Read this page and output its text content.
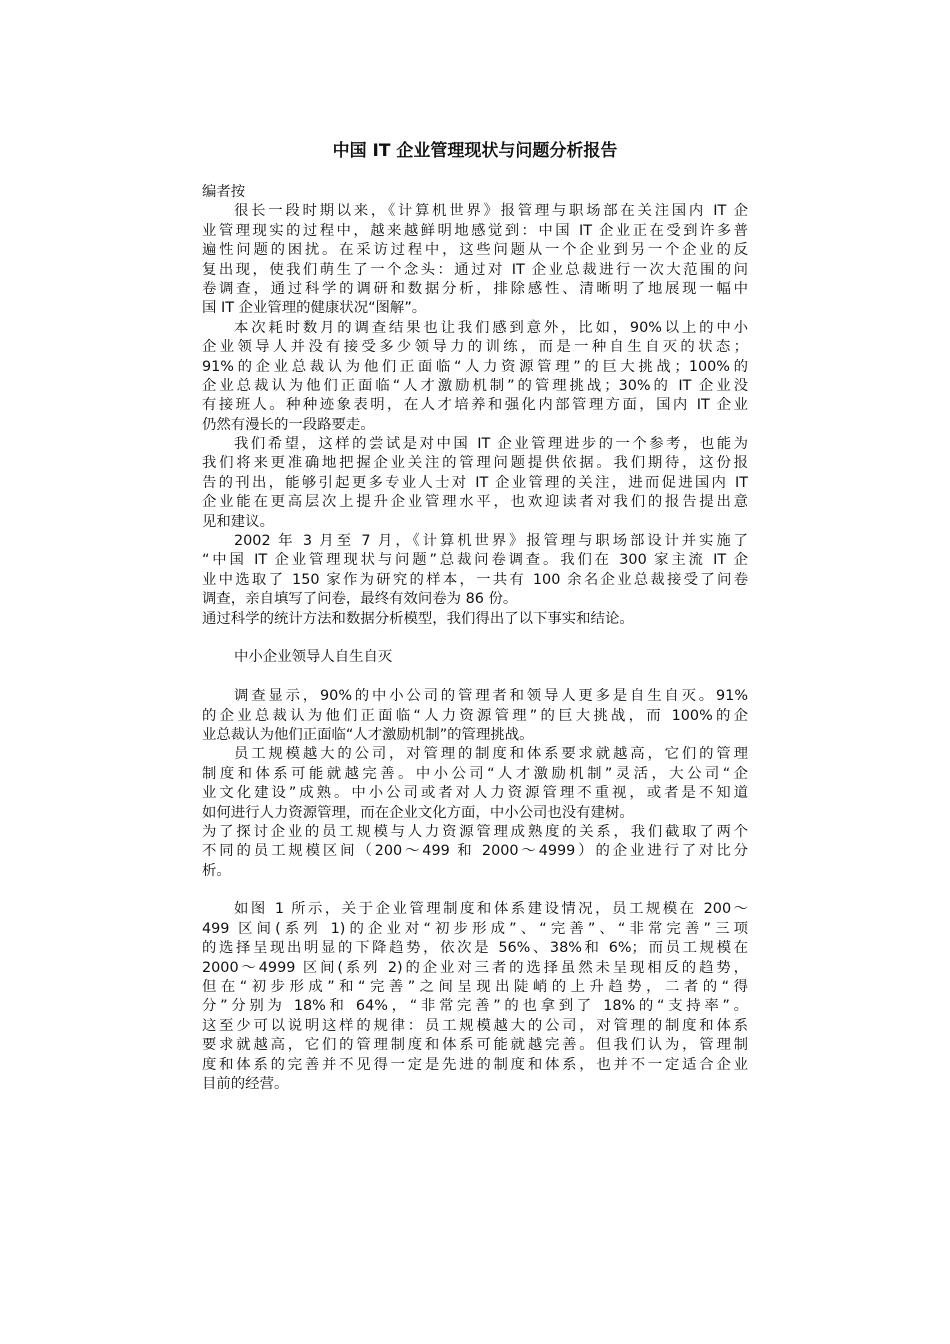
中国 IT 企业管理现状与问题分析报告
编者按
很长一段时期以来，《计算机世界》报管理与职场部在关注国内 IT 企
业管理现实的过程中，越来越鲜明地感觉到：中国 IT 企业正在受到许多普
遍性问题的困扰。在采访过程中，这些问题从一个企业到另一个企业的反
复出现，使我们萌生了一个念头：通过对 IT 企业总裁进行一次大范围的问
卷调查，通过科学的调研和数据分析，排除感性、清晰明了地展现一幅中
国 IT 企业管理的健康状况“图解”。
本次耗时数月的调查结果也让我们感到意外，比如，90%以上的中小
企业领导人并没有接受多少领导力的训练，而是一种自生自灭的状态；
91%的企业总裁认为他们正面临“人力资源管理”的巨大挑战；100%的
企业总裁认为他们正面临“人才激励机制”的管理挑战；30%的 IT 企业没
有接班人。种种迹象表明，在人才培养和强化内部管理方面，国内 IT 企业
仍然有漫长的一段路要走。
我们希望，这样的尝试是对中国 IT 企业管理进步的一个参考，也能为
我们将来更准确地把握企业关注的管理问题提供依据。我们期待，这份报
告的刊出，能够引起更多专业人士对 IT 企业管理的关注，进而促进国内 IT
企业能在更高层次上提升企业管理水平，也欢迎读者对我们的报告提出意
见和建议。
2002 年 3 月至 7 月，《计算机世界》报管理与职场部设计并实施了
“中国 IT 企业管理现状与问题”总裁问卷调查。我们在 300 家主流 IT 企
业中选取了 150 家作为研究的样本，一共有 100 余名企业总裁接受了问卷
调查，亲自填写了问卷，最终有效问卷为 86 份。
通过科学的统计方法和数据分析模型，我们得出了以下事实和结论。
中小企业领导人自生自灭
调查显示，90%的中小公司的管理者和领导人更多是自生自灭。91%
的企业总裁认为他们正面临“人力资源管理”的巨大挑战，而 100%的企
业总裁认为他们正面临“人才激励机制”的管理挑战。
员工规模越大的公司，对管理的制度和体系要求就越高，它们的管理
制度和体系可能就越完善。中小公司“人才激励机制”灵活，大公司“企
业文化建设”成熟。中小公司或者对人力资源管理不重视，或者是不知道
如何进行人力资源管理，而在企业文化方面，中小公司也没有建树。
为了探讨企业的员工规模与人力资源管理成熟度的关系，我们截取了两个
不同的员工规模区间（200～499 和 2000～4999）的企业进行了对比分
析。
如图 1 所示，关于企业管理制度和体系建设情况，员工规模在 200～
499 区间(系列 1)的企业对“初步形成”、“完善”、“非常完善”三项
的选择呈现出明显的下降趋势，依次是 56%、38%和 6%；而员工规模在
2000～4999 区间(系列 2)的企业对三者的选择虽然未呈现相反的趋势，
但在“初步形成”和“完善”之间呈现出陡峭的上升趋势，二者的“得
分”分别为 18%和 64%，“非常完善”的也拿到了 18%的“支持率”。
这至少可以说明这样的规律：员工规模越大的公司，对管理的制度和体系
要求就越高，它们的管理制度和体系可能就越完善。但我们认为，管理制
度和体系的完善并不见得一定是先进的制度和体系，也并不一定适合企业
目前的经营。
